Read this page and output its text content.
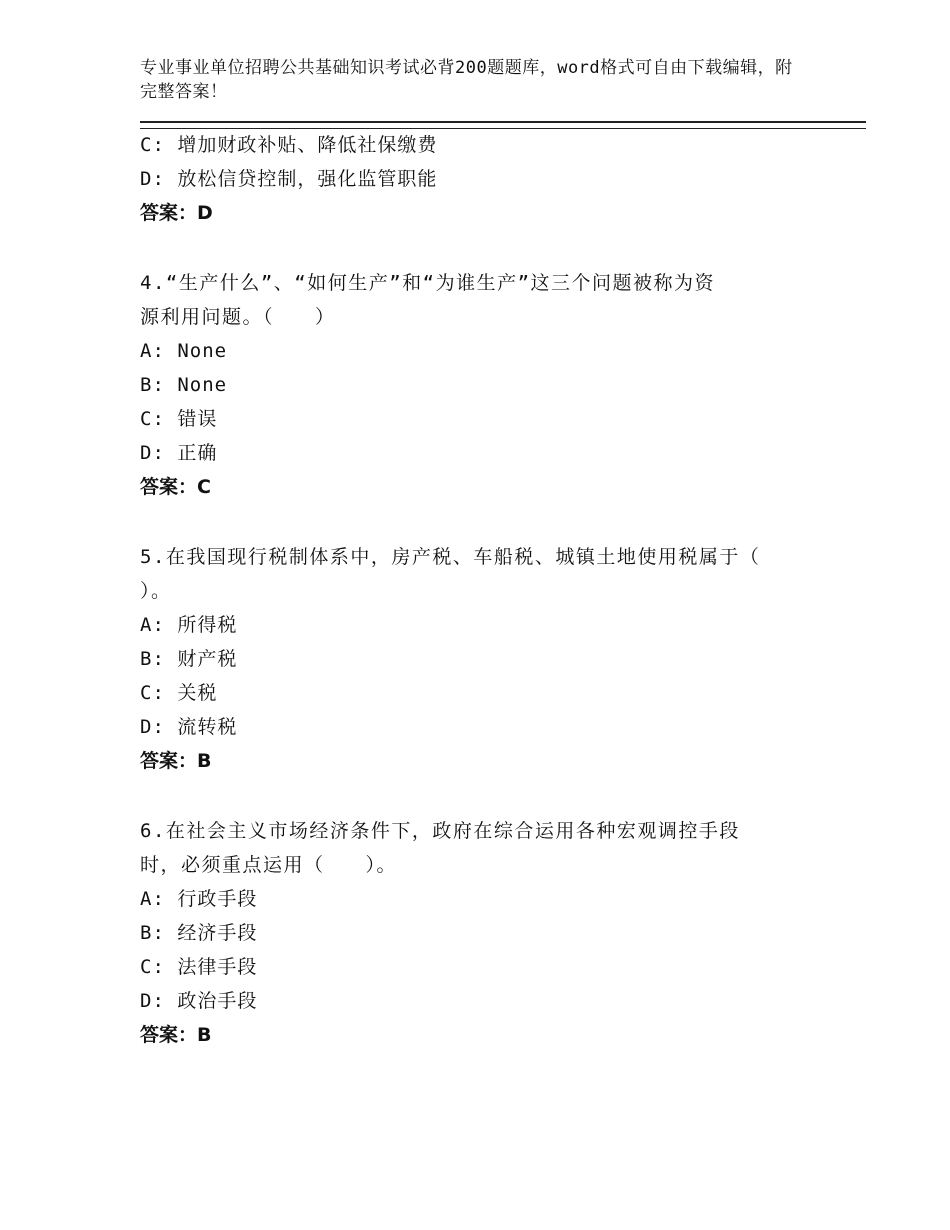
专业事业单位招聘公共基础知识考试必背200题题库，word格式可自由下载编辑，附完整答案！
C: 增加财政补贴、降低社保缴费
D: 放松信贷控制，强化监管职能
答案：D
4.“生产什么”、“如何生产”和“为谁生产”这三个问题被称为资
源利用问题。（　　）
A: None
B: None
C: 错误
D: 正确
答案：C
5.在我国现行税制体系中，房产税、车船税、城镇土地使用税属于（
）。
A: 所得税
B: 财产税
C: 关税
D: 流转税
答案：B
6.在社会主义市场经济条件下，政府在综合运用各种宏观调控手段
时，必须重点运用（　　）。
A: 行政手段
B: 经济手段
C: 法律手段
D: 政治手段
答案：B
